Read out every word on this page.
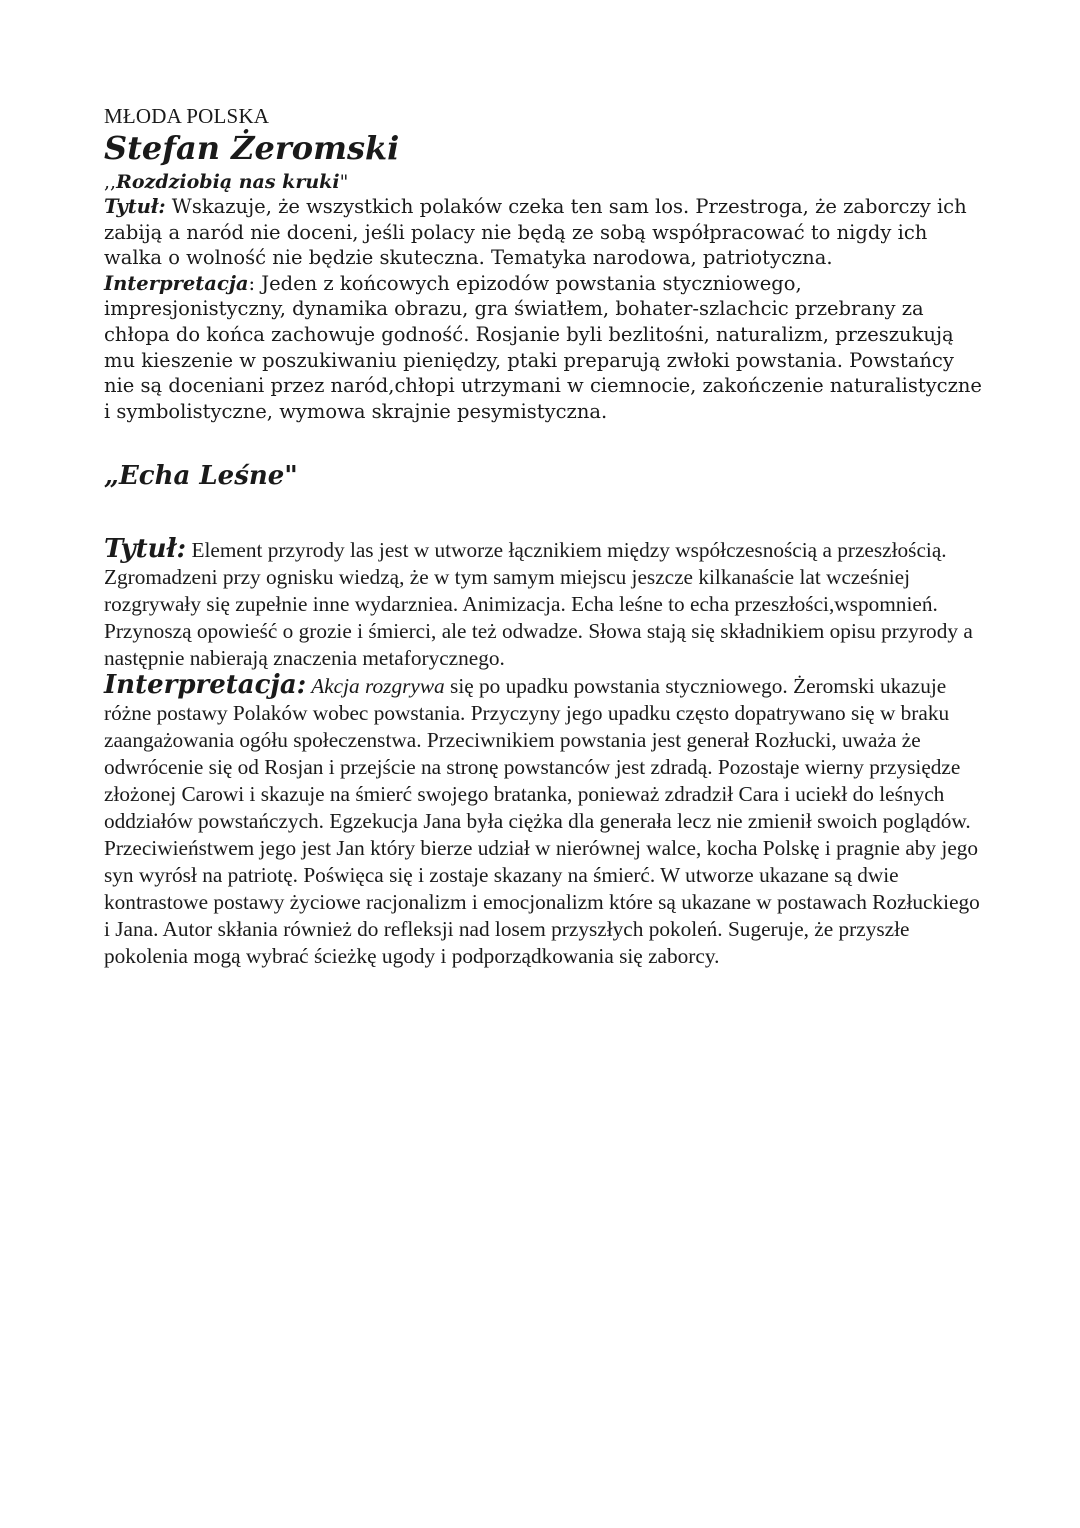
MŁODA POLSKA
Stefan Żeromski
,,Rozdziobią nas kruki"

Tytuł: Wskazuje, że wszystkich polaków czeka ten sam los. Przestroga, że zaborczy ich zabiją a naród nie doceni, jeśli polacy nie będą ze sobą współpracować to nigdy ich walka o wolność nie będzie skuteczna. Tematyka narodowa, patriotyczna.

Interpretacja: Jeden z końcowych epizodów powstania styczniowego, impresjonistyczny, dynamika obrazu, gra światłem, bohater-szlachcic przebrany za chłopa do końca zachowuje godność. Rosjanie byli bezlitośni, naturalizm, przeszukują mu kieszenie w poszukiwaniu pieniędzy, ptaki preparują zwłoki powstania. Powstańcy nie są doceniani przez naród,chłopi utrzymani w ciemnocie, zakończenie naturalistyczne i symbolistyczne, wymowa skrajnie pesymistyczna.

„Echa Leśne"

Tytuł: Element przyrody las jest w utworze łącznikiem między współczesnością a przeszłością. Zgromadzeni przy ognisku wiedzą, że w tym samym miejscu jeszcze kilkanaście lat wcześniej rozgrywały się zupełnie inne wydarzniea. Animizacja. Echa leśne to echa przeszłości,wspomnień. Przynoszą opowieść o grozie i śmierci, ale też odwadze. Słowa stają się składnikiem opisu przyrody a następnie nabierają znaczenia metaforycznego.

Interpretacja: Akcja rozgrywa się po upadku powstania styczniowego. Żeromski ukazuje różne postawy Polaków wobec powstania. Przyczyny jego upadku często dopatrywano się w braku zaangażowania ogółu społeczenstwa. Przeciwnikiem powstania jest generał Rozłucki, uważa że odwrócenie się od Rosjan i przejście na stronę powstanców jest zdradą. Pozostaje wierny przysiędze złożonej Carowi i skazuje na śmierć swojego bratanka, ponieważ zdradził Cara i uciekł do leśnych oddziałów powstańczych. Egzekucja Jana była ciężka dla generała lecz nie zmienił swoich poglądów. Przeciwieństwem jego jest Jan który bierze udział w nierównej walce, kocha Polskę i pragnie aby jego syn wyrósł na patriotę. Poświęca się i zostaje skazany na śmierć. W utworze ukazane są dwie kontrastowe postawy życiowe racjonalizm i emocjonalizm które są ukazane w postawach Rozłuckiego i Jana. Autor skłania również do refleksji nad losem przyszłych pokoleń. Sugeruje, że przyszłe pokolenia mogą wybrać ścieżkę ugody i podporządkowania się zaborcy.
